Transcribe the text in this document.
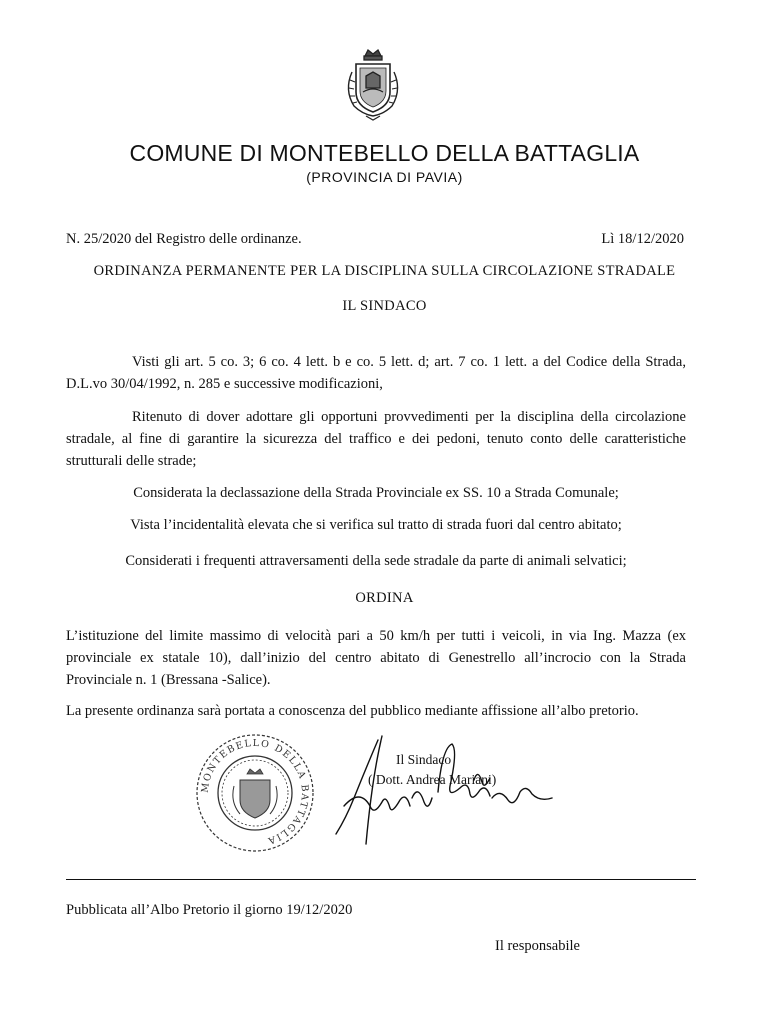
COMUNE DI MONTEBELLO DELLA BATTAGLIA
(PROVINCIA DI PAVIA)
N. 25/2020 del Registro delle ordinanze.	Lì 18/12/2020
ORDINANZA PERMANENTE PER LA DISCIPLINA SULLA CIRCOLAZIONE STRADALE
IL SINDACO

Visti gli art. 5 co. 3; 6 co. 4 lett. b e co. 5 lett. d; art. 7 co. 1 lett. a del Codice della Strada, D.L.vo 30/04/1992, n. 285 e successive modificazioni,

Ritenuto di dover adottare gli opportuni provvedimenti per la disciplina della circolazione stradale, al fine di garantire la sicurezza del traffico e dei pedoni, tenuto conto delle caratteristiche strutturali delle strade;

Considerata la declassazione della Strada Provinciale ex SS. 10 a Strada Comunale;

Vista l’incidentalità elevata che si verifica sul tratto di strada fuori dal centro abitato;

Considerati i frequenti attraversamenti della sede stradale da parte di animali selvatici;

ORDINA

L’istituzione del limite massimo di velocità pari a 50 km/h per tutti i veicoli, in via Ing. Mazza (ex provinciale ex statale 10), dall’inizio del centro abitato di Genestrello all’incrocio con la Strada Provinciale n. 1 (Bressana -Salice).

La presente ordinanza sarà portata a conoscenza del pubblico mediante affissione all’albo pretorio.

MONTEBELLO DELLA BATTAGLIA
Il Sindaco
( Dott. Andrea Mariani)
Pubblicata all’Albo Pretorio il giorno 19/12/2020
Il responsabile
